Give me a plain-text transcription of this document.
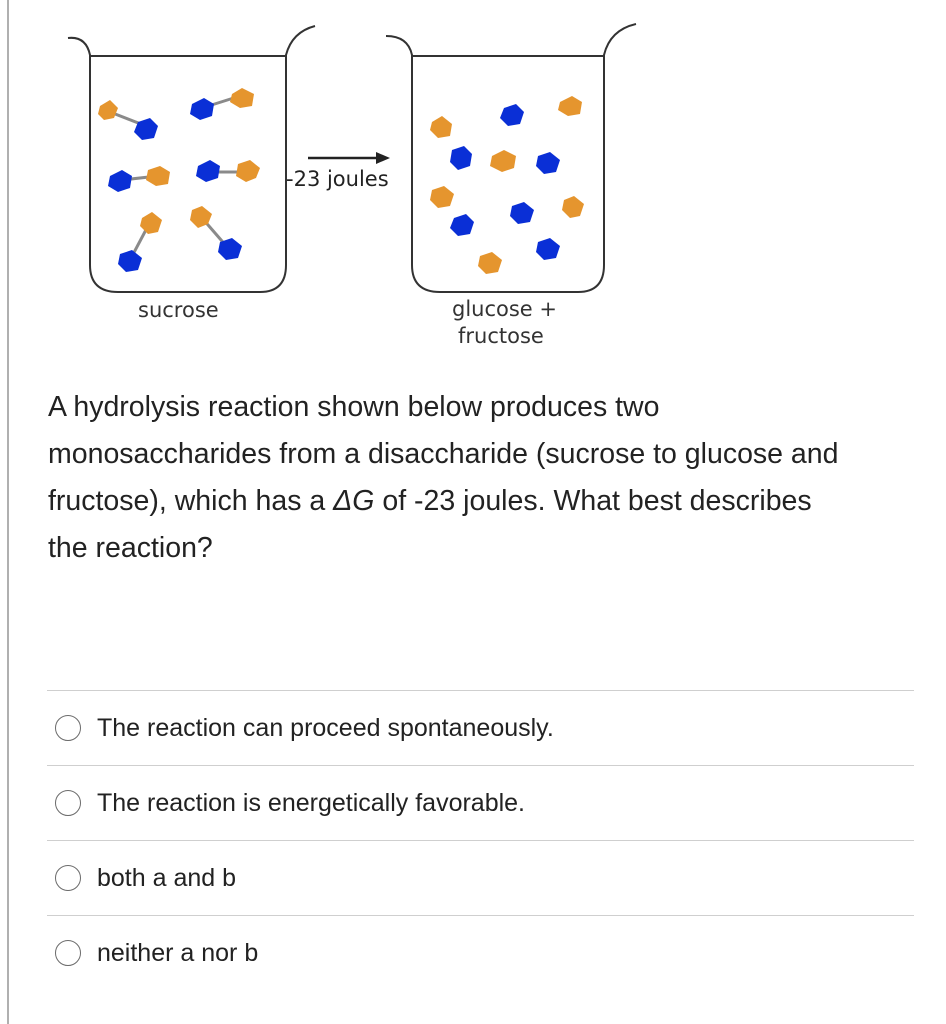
-23 joules
sucrose	glucose +
fructose

A hydrolysis reaction shown below produces two
monosaccharides from a disaccharide (sucrose to glucose and
fructose), which has a ΔG of -23 joules. What best describes
the reaction?

The reaction can proceed spontaneously.
The reaction is energetically favorable.
both a and b
neither a nor b
